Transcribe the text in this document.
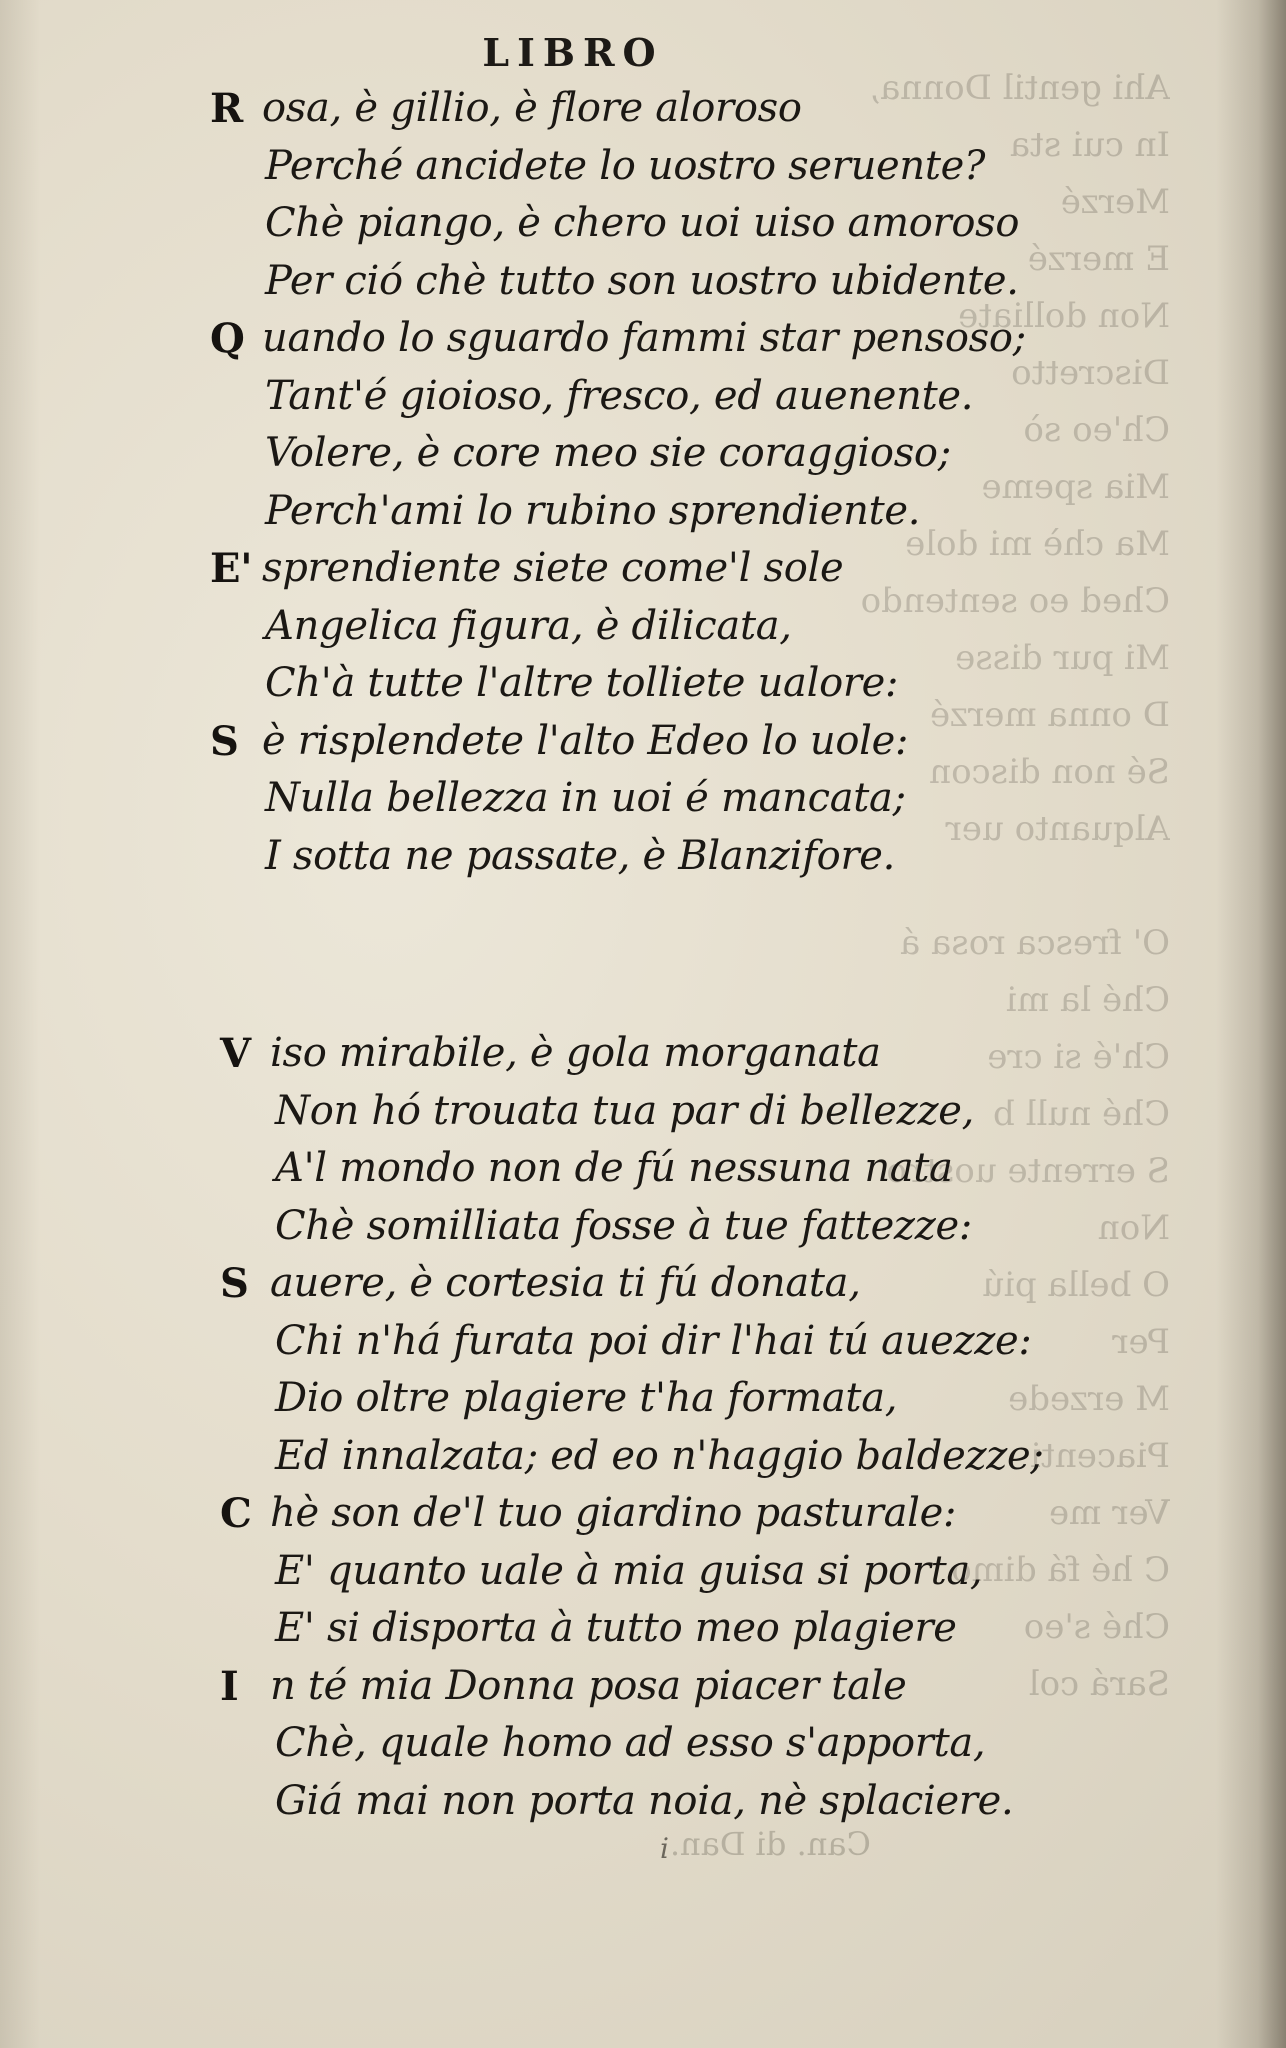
Ahi gentil Donna,
In cui sta
Merzé
E merzé
Non dolliate
Discretto
Ch'eo sò
Mia speme
Ma chè mi dole
Ched eo sentendo
Mi pur disse
D onna merzé
Sé non discon
Alquanto uer
O' fresca rosa á
Ché la mi
Ch'é si cre
Ché null b
S errente uostro
Non
O bella piú
Per
M erzede
Piacenti
Ver me
C hé fá dimo
Ché s'eo
Sará col
Can. di Dan.
LIBRO
R osa, è gillio, è flore aloroso
Perché ancidete lo uostro seruente?
Chè piango, è chero uoi uiso amoroso
Per ció chè tutto son uostro ubidente.
Q uando lo sguardo fammi star pensoso;
Tant'é gioioso, fresco, ed auenente.
Volere, è core meo sie coraggioso;
Perch'ami lo rubino sprendiente.
E' sprendiente siete come'l sole
Angelica figura, è dilicata,
Ch'à tutte l'altre tolliete ualore:
S è risplendete l'alto Edeo lo uole:
Nulla bellezza in uoi é mancata;
I sotta ne passate, è Blanzifore.
V iso mirabile, è gola morganata
Non hó trouata tua par di bellezze,
A'l mondo non de fú nessuna nata
Chè somilliata fosse à tue fattezze:
S auere, è cortesia ti fú donata,
Chi n'há furata poi dir l'hai tú auezze:
Dio oltre plagiere t'ha formata,
Ed innalzata; ed eo n'haggio baldezze;
C hè son de'l tuo giardino pasturale:
E' quanto uale à mia guisa si porta,
E' si disporta à tutto meo plagiere
I n té mia Donna posa piacer tale
Chè, quale homo ad esso s'apporta,
Giá mai non porta noia, nè splaciere.
i
